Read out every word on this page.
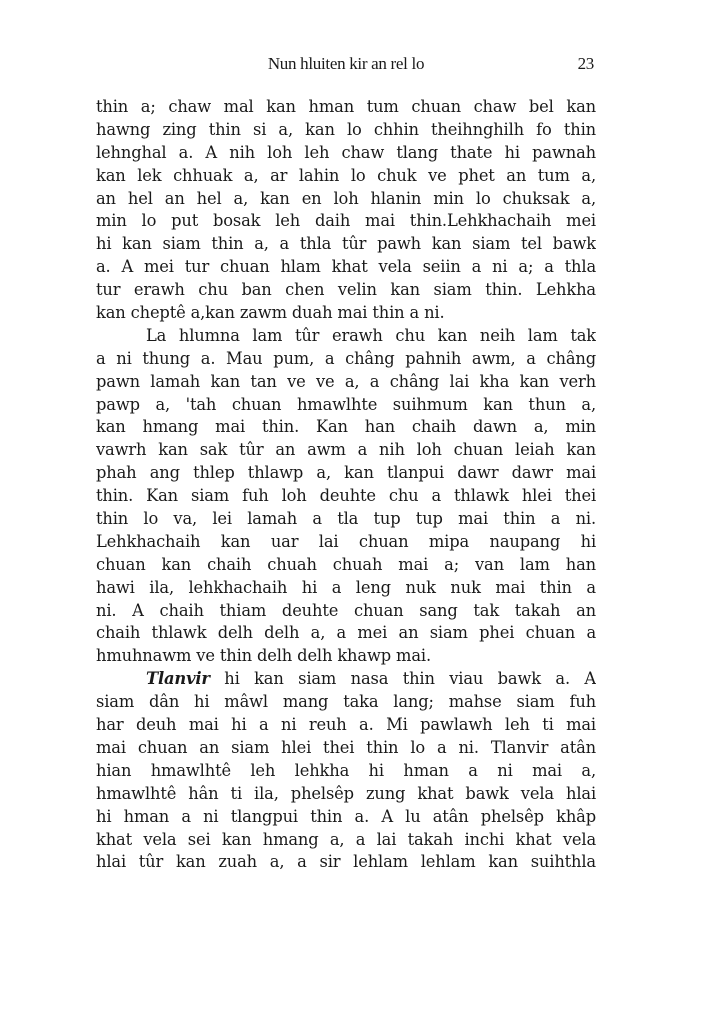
Nun hluiten kir an rel lo	23
thin a; chaw mal kan hman tum chuan chaw bel kan
hawng zing thin si a, kan lo chhin theihnghilh fo thin
lehnghal a. A nih loh leh chaw tlang thate hi pawnah
kan lek chhuak a, ar lahin lo chuk ve phet an tum a,
an hel an hel a, kan en loh hlanin min lo chuksak a,
min lo put bosak leh daih mai thin.Lehkhachaih mei
hi kan siam thin a, a thla tûr pawh kan siam tel bawk
a. A mei tur chuan hlam khat vela seiin a ni a; a thla
tur erawh chu ban chen velin kan siam thin. Lehkha
kan cheptê a,kan zawm duah mai thin a ni.
La hlumna lam tûr erawh chu kan neih lam tak
a ni thung a. Mau pum, a châng pahnih awm, a châng
pawn lamah kan tan ve ve a, a châng lai kha kan verh
pawp a, 'tah chuan hmawlhte suihmum kan thun a,
kan hmang mai thin. Kan han chaih dawn a, min
vawrh kan sak tûr an awm a nih loh chuan leiah kan
phah ang thlep thlawp a, kan tlanpui dawr dawr mai
thin. Kan siam fuh loh deuhte chu a thlawk hlei thei
thin lo va, lei lamah a tla tup tup mai thin a ni.
Lehkhachaih kan uar lai chuan mipa naupang hi
chuan kan chaih chuah chuah mai a; van lam han
hawi ila, lehkhachaih hi a leng nuk nuk mai thin a
ni. A chaih thiam deuhte chuan sang tak takah an
chaih thlawk delh delh a, a mei an siam phei chuan a
hmuhnawm ve thin delh delh khawp mai.
Tlanvir hi kan siam nasa thin viau bawk a. A
siam dân hi mâwl mang taka lang; mahse siam fuh
har deuh mai hi a ni reuh a. Mi pawlawh leh ti mai
mai chuan an siam hlei thei thin lo a ni. Tlanvir atân
hian hmawlhtê leh lehkha hi hman a ni mai a,
hmawlhtê hân ti ila, phelsêp zung khat bawk vela hlai
hi hman a ni tlangpui thin a. A lu atân phelsêp khâp
khat vela sei kan hmang a, a lai takah inchi khat vela
hlai tûr kan zuah a, a sir lehlam lehlam kan suihthla
